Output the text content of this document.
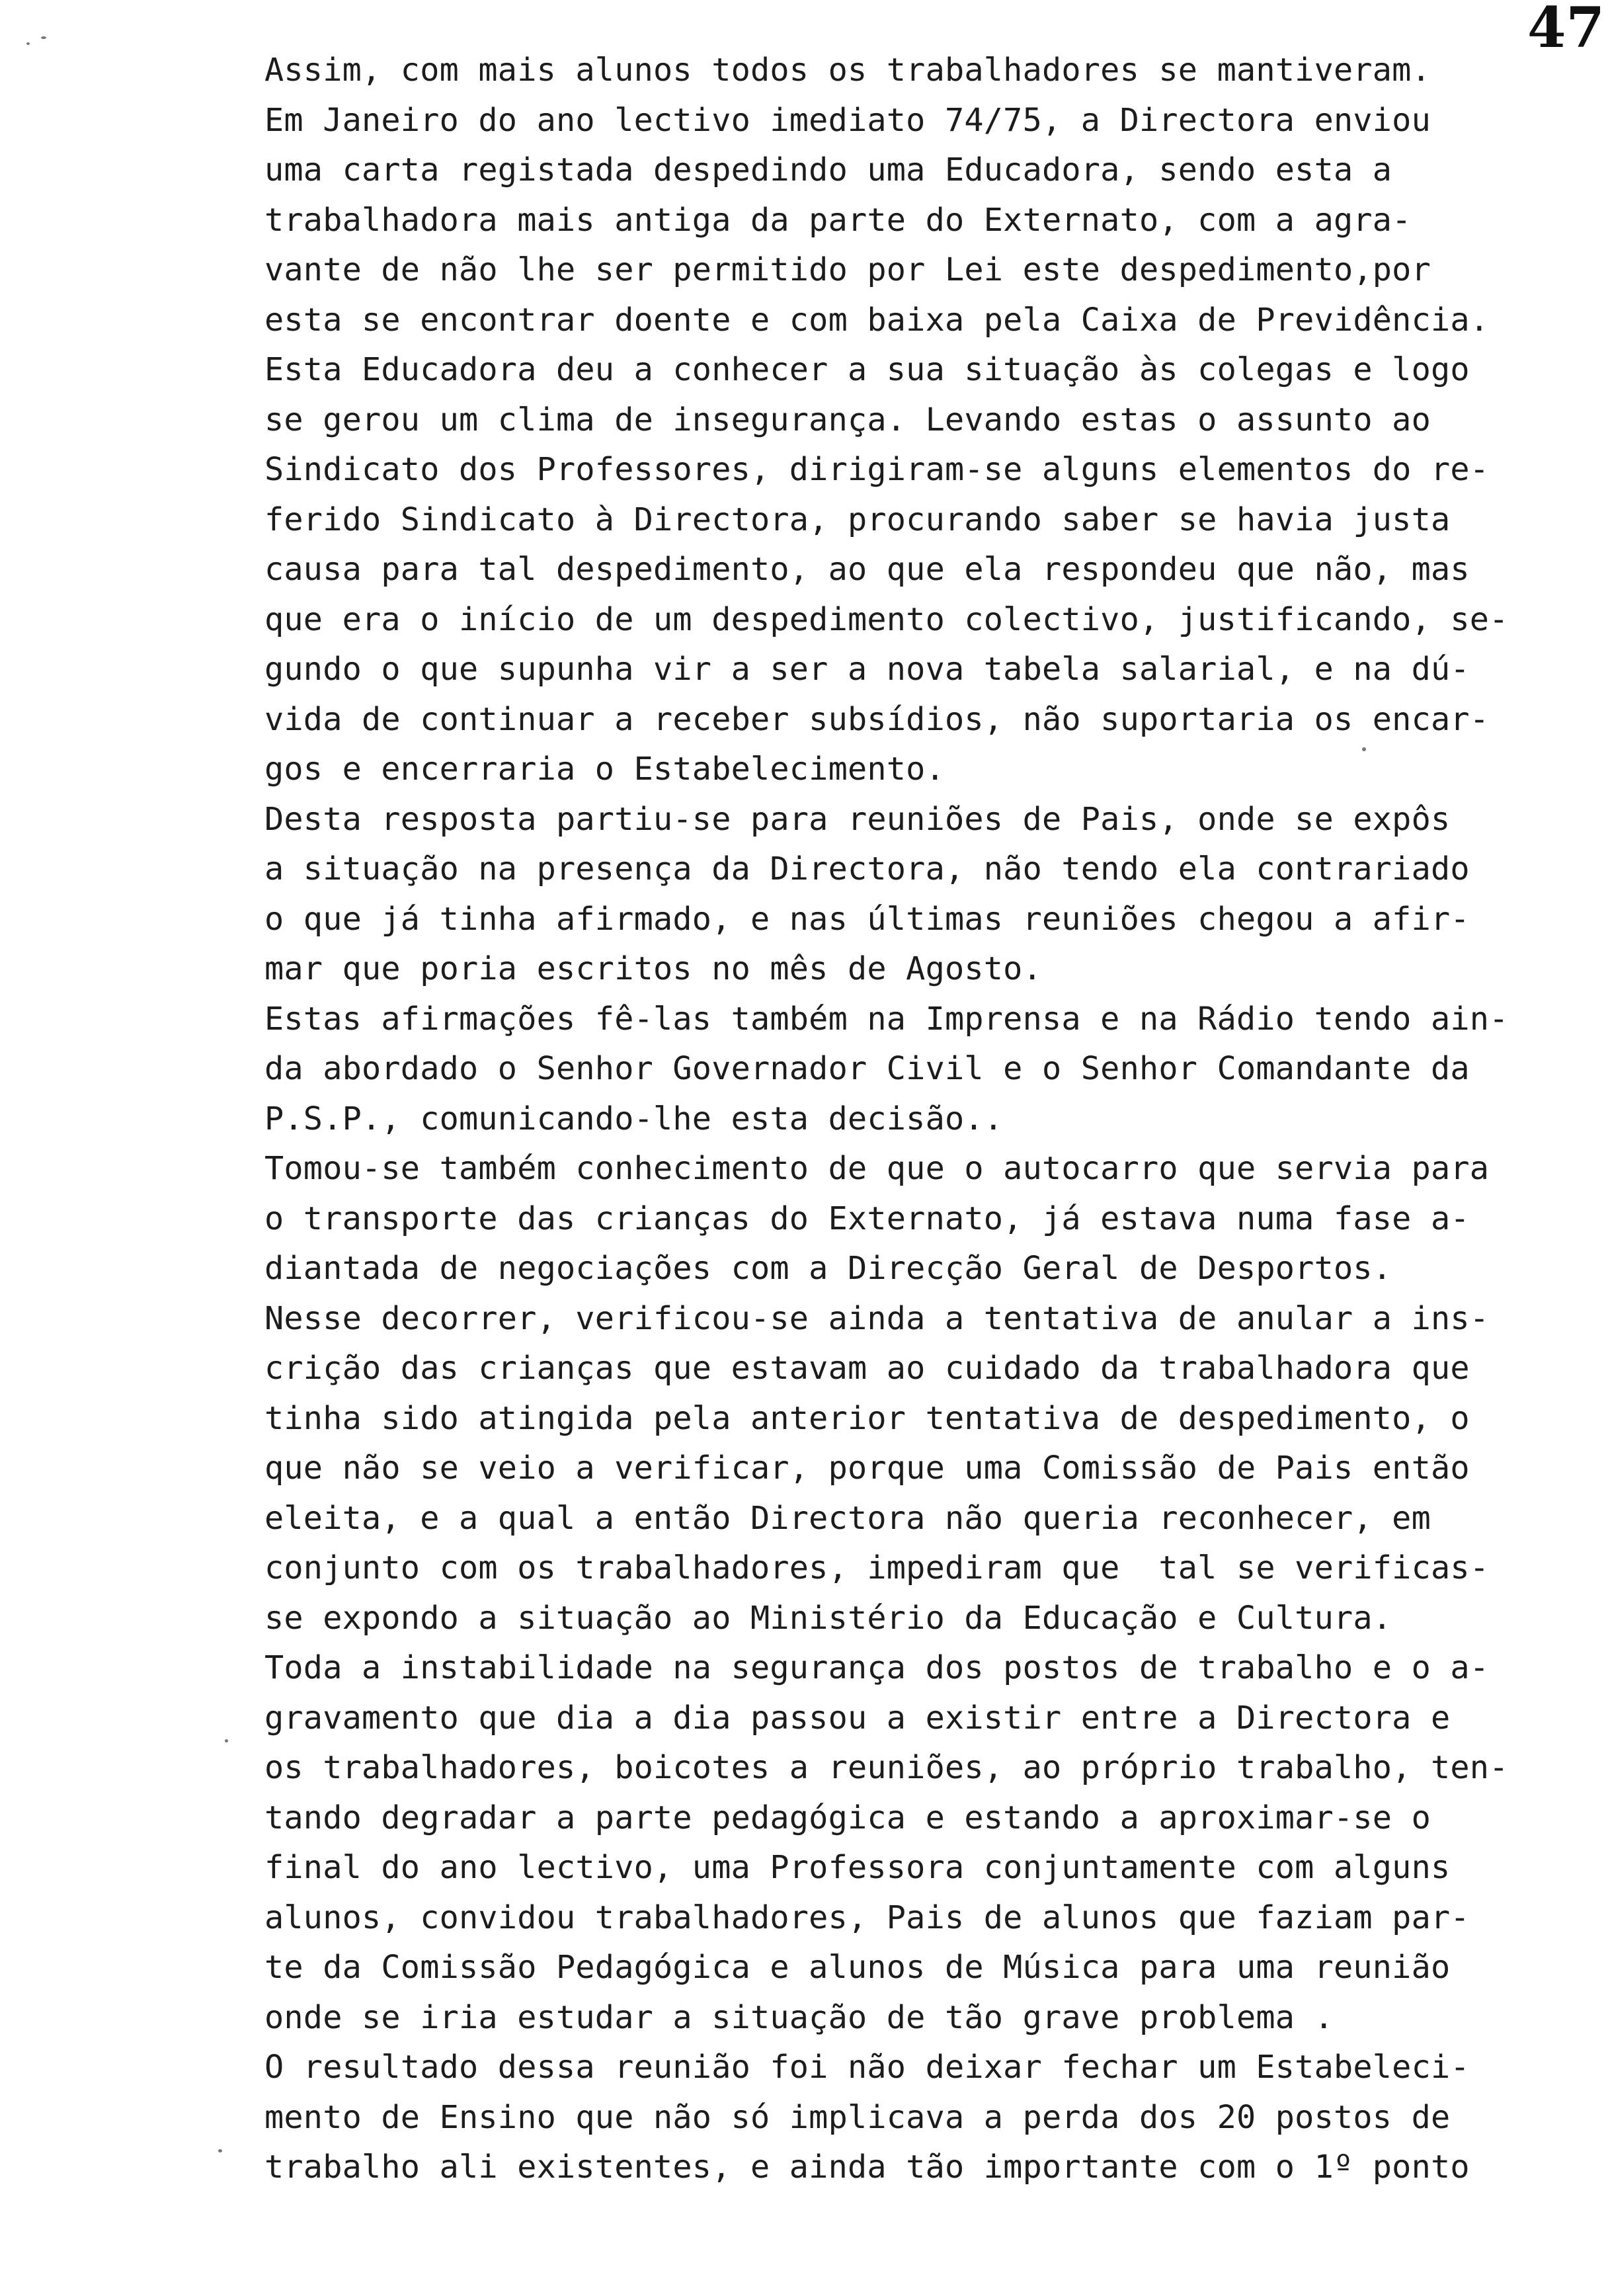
47
Assim, com mais alunos todos os trabalhadores se mantiveram.
Em Janeiro do ano lectivo imediato 74/75, a Directora enviou
uma carta registada despedindo uma Educadora, sendo esta a
trabalhadora mais antiga da parte do Externato, com a agra-
vante de não lhe ser permitido por Lei este despedimento,por
esta se encontrar doente e com baixa pela Caixa de Previdência.
Esta Educadora deu a conhecer a sua situação às colegas e logo
se gerou um clima de insegurança. Levando estas o assunto ao
Sindicato dos Professores, dirigiram-se alguns elementos do re-
ferido Sindicato à Directora, procurando saber se havia justa
causa para tal despedimento, ao que ela respondeu que não, mas
que era o início de um despedimento colectivo, justificando, se-
gundo o que supunha vir a ser a nova tabela salarial, e na dú-
vida de continuar a receber subsídios, não suportaria os encar-
gos e encerraria o Estabelecimento.
Desta resposta partiu-se para reuniões de Pais, onde se expôs
a situação na presença da Directora, não tendo ela contrariado
o que já tinha afirmado, e nas últimas reuniões chegou a afir-
mar que poria escritos no mês de Agosto.
Estas afirmações fê-las também na Imprensa e na Rádio tendo ain-
da abordado o Senhor Governador Civil e o Senhor Comandante da
P.S.P., comunicando-lhe esta decisão..
Tomou-se também conhecimento de que o autocarro que servia para
o transporte das crianças do Externato, já estava numa fase a-
diantada de negociações com a Direcção Geral de Desportos.
Nesse decorrer, verificou-se ainda a tentativa de anular a ins-
crição das crianças que estavam ao cuidado da trabalhadora que
tinha sido atingida pela anterior tentativa de despedimento, o
que não se veio a verificar, porque uma Comissão de Pais então
eleita, e a qual a então Directora não queria reconhecer, em
conjunto com os trabalhadores, impediram que  tal se verificas-
se expondo a situação ao Ministério da Educação e Cultura.
Toda a instabilidade na segurança dos postos de trabalho e o a-
gravamento que dia a dia passou a existir entre a Directora e
os trabalhadores, boicotes a reuniões, ao próprio trabalho, ten-
tando degradar a parte pedagógica e estando a aproximar-se o
final do ano lectivo, uma Professora conjuntamente com alguns
alunos, convidou trabalhadores, Pais de alunos que faziam par-
te da Comissão Pedagógica e alunos de Música para uma reunião
onde se iria estudar a situação de tão grave problema .
O resultado dessa reunião foi não deixar fechar um Estabeleci-
mento de Ensino que não só implicava a perda dos 20 postos de
trabalho ali existentes, e ainda tão importante com o 1º ponto
